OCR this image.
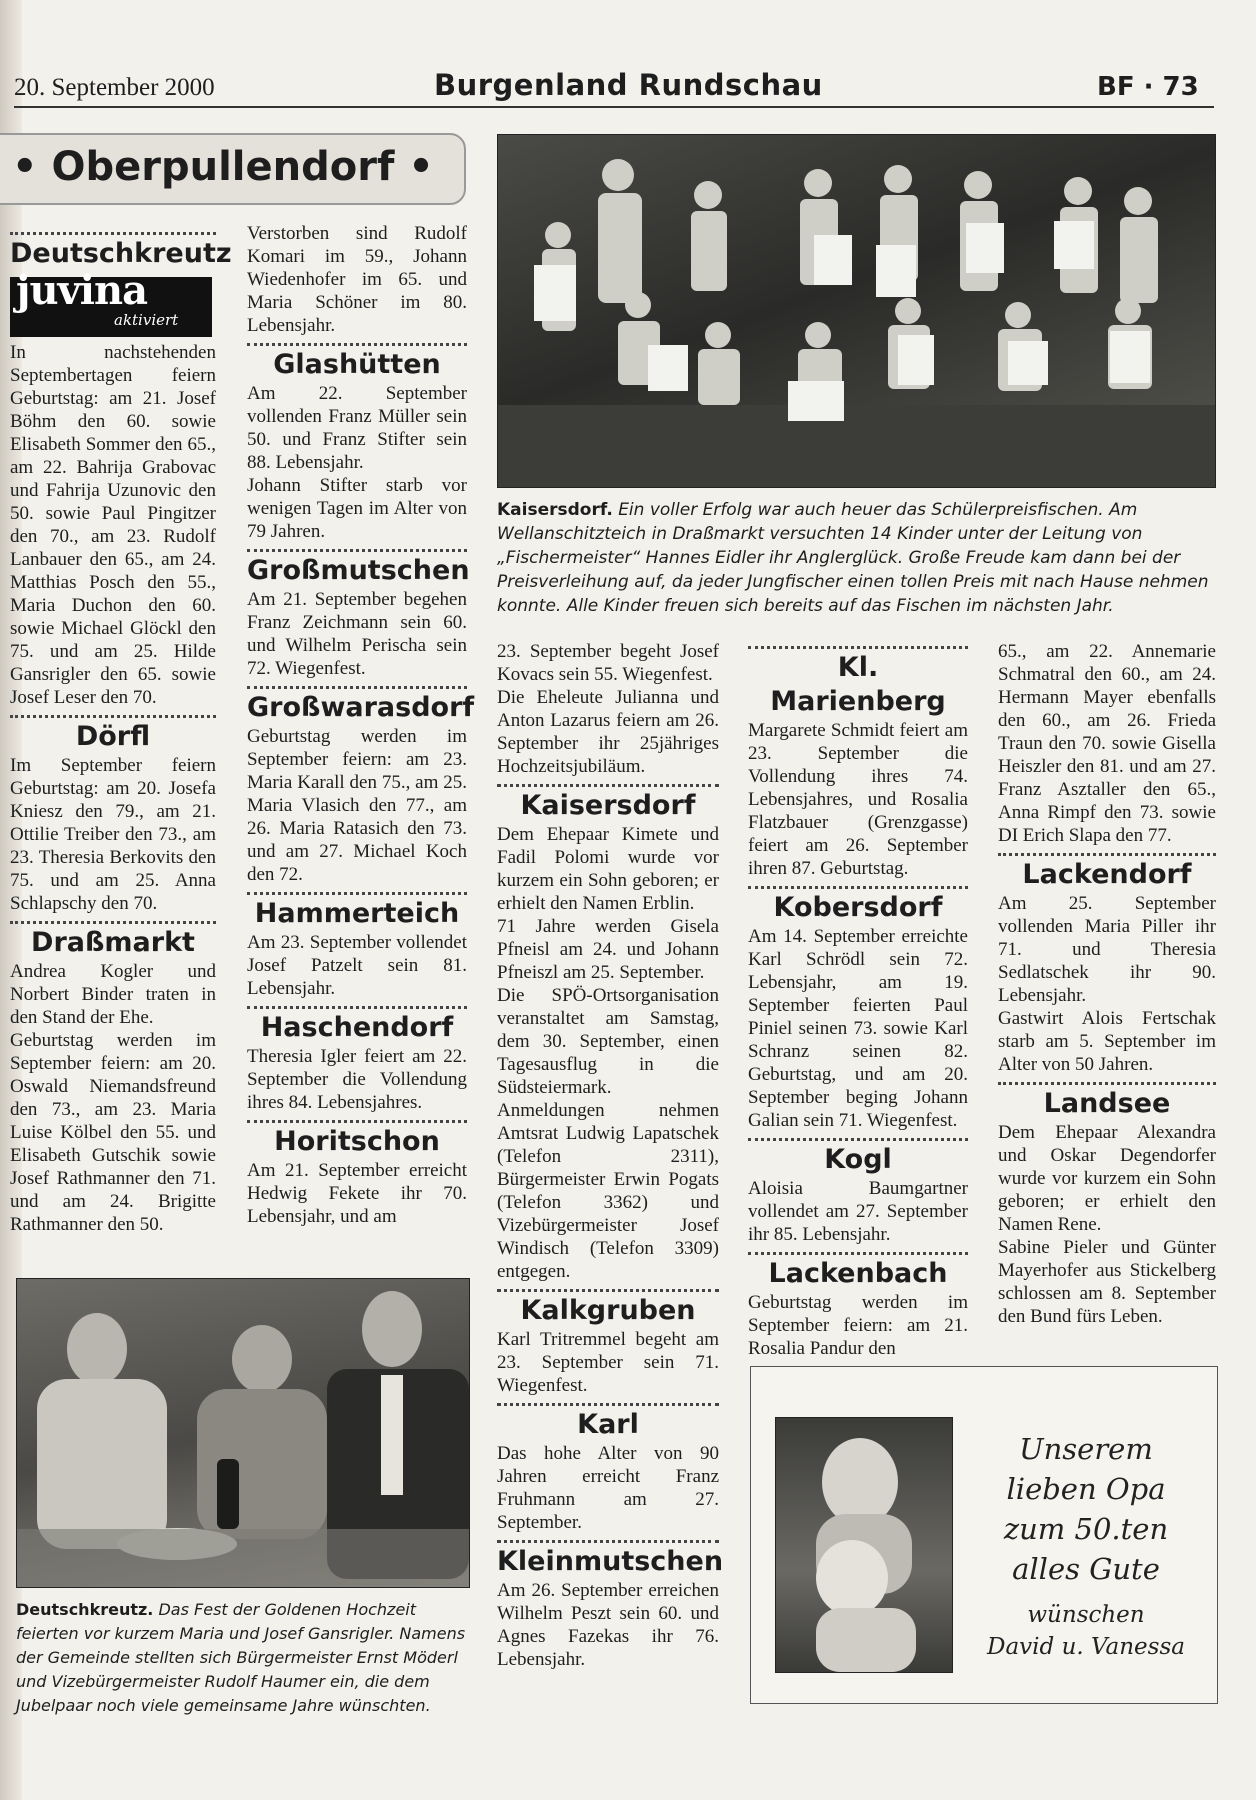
20. September 2000	Burgenland Rundschau	BF · 73
• Oberpullendorf •
Deutschkreutz
juvina
aktiviert

In nachstehenden Septembertagen feiern Geburtstag: am 21. Josef Böhm den 60. sowie Elisabeth Sommer den 65., am 22. Bahrija Grabovac und Fahrija Uzunovic den 50. sowie Paul Pingitzer den 70., am 23. Rudolf Lanbauer den 65., am 24. Matthias Posch den 55., Maria Duchon den 60. sowie Michael Glöckl den 75. und am 25. Hilde Gansrigler den 65. sowie Josef Leser den 70.

Dörfl

Im September feiern Geburtstag: am 20. Josefa Kniesz den 79., am 21. Ottilie Treiber den 73., am 23. Theresia Berkovits den 75. und am 25. Anna Schlapschy den 70.

Draßmarkt

Andrea Kogler und Norbert Binder traten in den Stand der Ehe.

Geburtstag werden im September feiern: am 20. Oswald Niemandsfreund den 73., am 23. Maria Luise Kölbel den 55. und Elisabeth Gutschik sowie Josef Rathmanner den 71. und am 24. Brigitte Rathmanner den 50.

Verstorben sind Rudolf Komari im 59., Johann Wiedenhofer im 65. und Maria Schöner im 80. Lebensjahr.

Glashütten

Am 22. September vollenden Franz Müller sein 50. und Franz Stifter sein 88. Lebensjahr.

Johann Stifter starb vor wenigen Tagen im Alter von 79 Jahren.

Großmutschen

Am 21. September begehen Franz Zeichmann sein 60. und Wilhelm Perischa sein 72. Wiegenfest.

Großwarasdorf

Geburtstag werden im September feiern: am 23. Maria Karall den 75., am 25. Maria Vlasich den 77., am 26. Maria Ratasich den 73. und am 27. Michael Koch den 72.

Hammerteich

Am 23. September vollendet Josef Patzelt sein 81. Lebensjahr.

Haschendorf

Theresia Igler feiert am 22. September die Vollendung ihres 84. Lebensjahres.

Horitschon

Am 21. September erreicht Hedwig Fekete ihr 70. Lebensjahr, und am

Kaisersdorf. Ein voller Erfolg war auch heuer das Schülerpreisfischen. Am Wellanschitzteich in Draßmarkt versuchten 14 Kinder unter der Leitung von „Fischermeister“ Hannes Eidler ihr Anglerglück. Große Freude kam dann bei der Preisverleihung auf, da jeder Jungfischer einen tollen Preis mit nach Hause nehmen konnte. Alle Kinder freuen sich bereits auf das Fischen im nächsten Jahr.

23. September begeht Josef Kovacs sein 55. Wiegenfest.

Die Eheleute Julianna und Anton Lazarus feiern am 26. September ihr 25jähriges Hochzeitsjubiläum.

Kaisersdorf

Dem Ehepaar Kimete und Fadil Polomi wurde vor kurzem ein Sohn geboren; er erhielt den Namen Erblin.

71 Jahre werden Gisela Pfneisl am 24. und Johann Pfneiszl am 25. September.

Die SPÖ-Ortsorganisation veranstaltet am Samstag, dem 30. September, einen Tagesausflug in die Südsteiermark. Anmeldungen nehmen Amtsrat Ludwig Lapatschek (Telefon 2311), Bürgermeister Erwin Pogats (Telefon 3362) und Vizebürgermeister Josef Windisch (Telefon 3309) entgegen.

Kalkgruben

Karl Tritremmel begeht am 23. September sein 71. Wiegenfest.

Karl

Das hohe Alter von 90 Jahren erreicht Franz Fruhmann am 27. September.

Kleinmutschen

Am 26. September erreichen Wilhelm Peszt sein 60. und Agnes Fazekas ihr 76. Lebensjahr.

Kl. Marienberg

Margarete Schmidt feiert am 23. September die Vollendung ihres 74. Lebensjahres, und Rosalia Flatzbauer (Grenzgasse) feiert am 26. September ihren 87. Geburtstag.

Kobersdorf

Am 14. September erreichte Karl Schrödl sein 72. Lebensjahr, am 19. September feierten Paul Piniel seinen 73. sowie Karl Schranz seinen 82. Geburtstag, und am 20. September beging Johann Galian sein 71. Wiegenfest.

Kogl

Aloisia Baumgartner vollendet am 27. September ihr 85. Lebensjahr.

Lackenbach

Geburtstag werden im September feiern: am 21. Rosalia Pandur den

65., am 22. Annemarie Schmatral den 60., am 24. Hermann Mayer ebenfalls den 60., am 26. Frieda Traun den 70. sowie Gisella Heiszler den 81. und am 27. Franz Asztaller den 65., Anna Rimpf den 73. sowie DI Erich Slapa den 77.

Lackendorf

Am 25. September vollenden Maria Piller ihr 71. und Theresia Sedlatschek ihr 90. Lebensjahr.

Gastwirt Alois Fertschak starb am 5. September im Alter von 50 Jahren.

Landsee

Dem Ehepaar Alexandra und Oskar Degendorfer wurde vor kurzem ein Sohn geboren; er erhielt den Namen Rene.

Sabine Pieler und Günter Mayerhofer aus Stickelberg schlossen am 8. September den Bund fürs Leben.

Deutschkreutz. Das Fest der Goldenen Hochzeit feierten vor kurzem Maria und Josef Gansrigler. Namens der Gemeinde stellten sich Bürgermeister Ernst Möderl und Vizebürgermeister Rudolf Haumer ein, die dem Jubelpaar noch viele gemeinsame Jahre wünschten.
Unserem
lieben Opa
zum 50.ten
alles Gute
wünschen
David u. Vanessa
